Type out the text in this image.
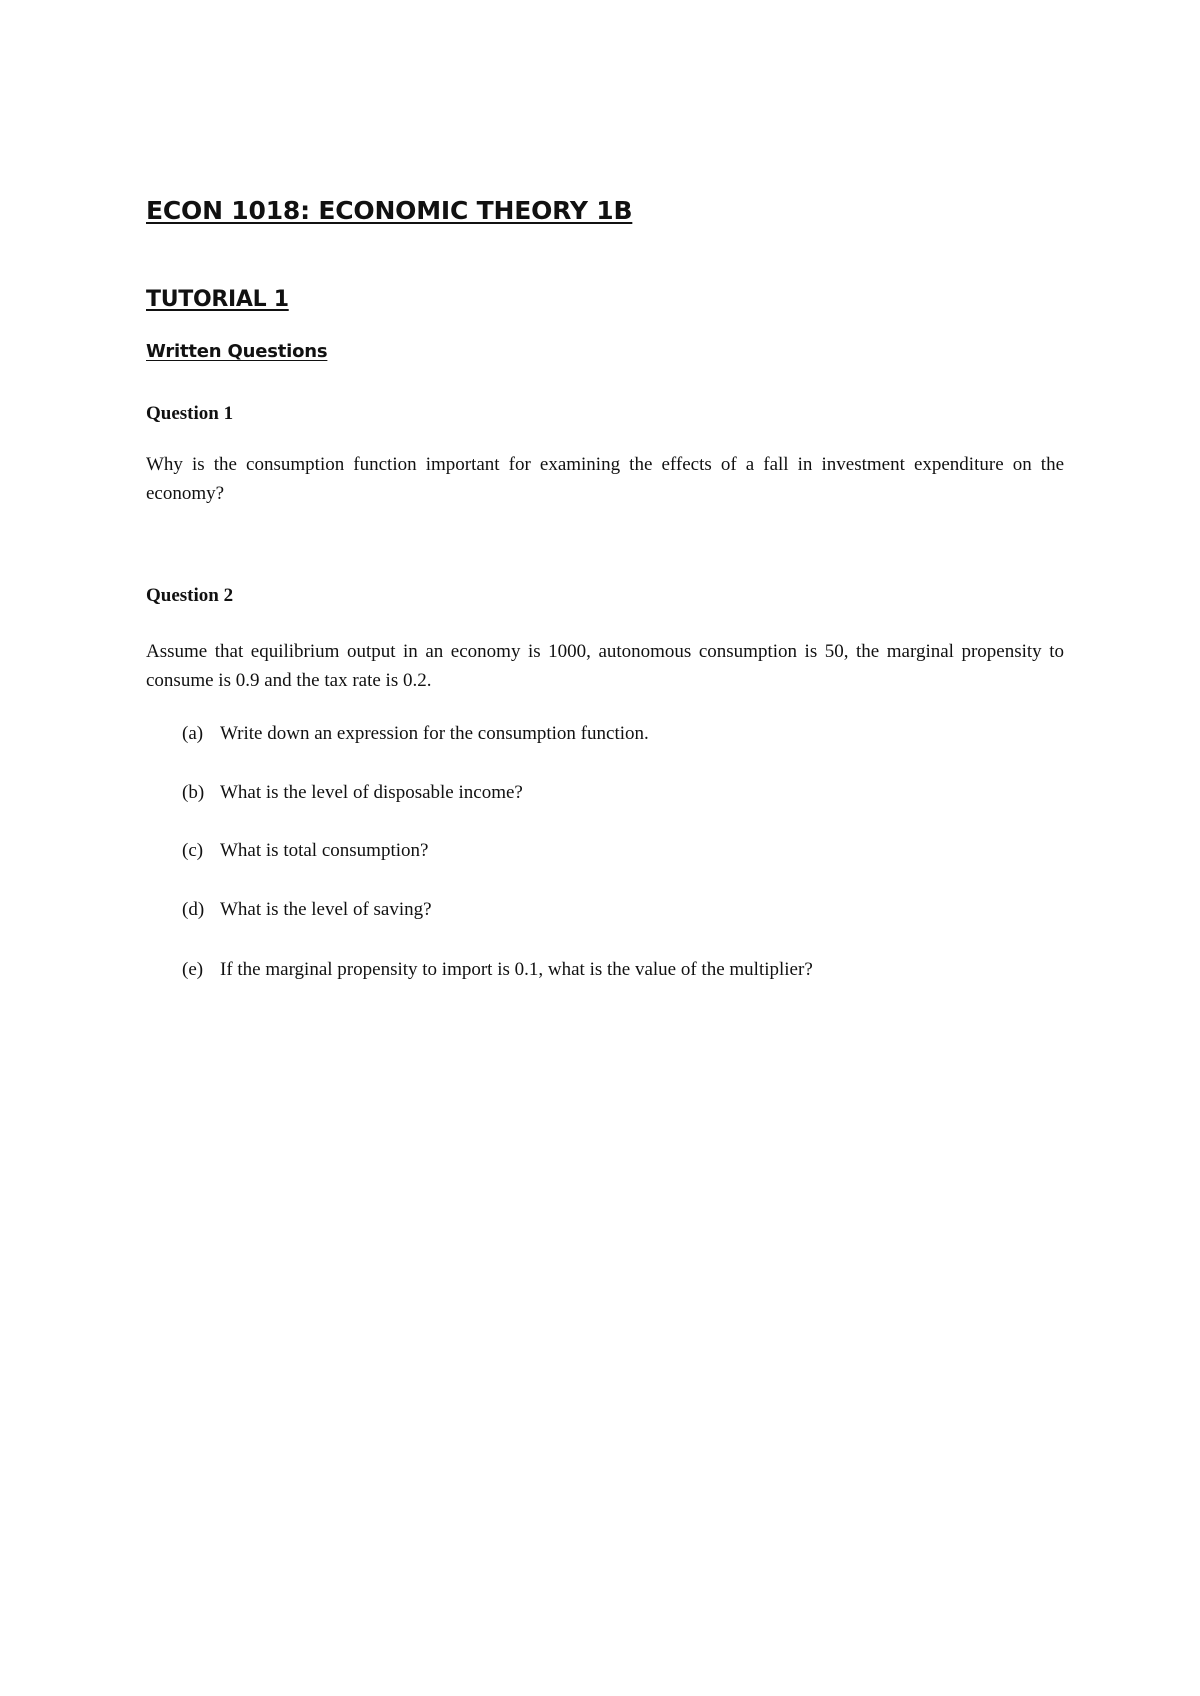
ECON 1018: ECONOMIC THEORY 1B
TUTORIAL 1
Written Questions
Question 1

Why is the consumption function important for examining the effects of a fall in investment expenditure on the economy?

Question 2

Assume that equilibrium output in an economy is 1000, autonomous consumption is 50, the marginal propensity to consume is 0.9 and the tax rate is 0.2.

(a) Write down an expression for the consumption function.
(b) What is the level of disposable income?
(c) What is total consumption?
(d) What is the level of saving?
(e) If the marginal propensity to import is 0.1, what is the value of the multiplier?
